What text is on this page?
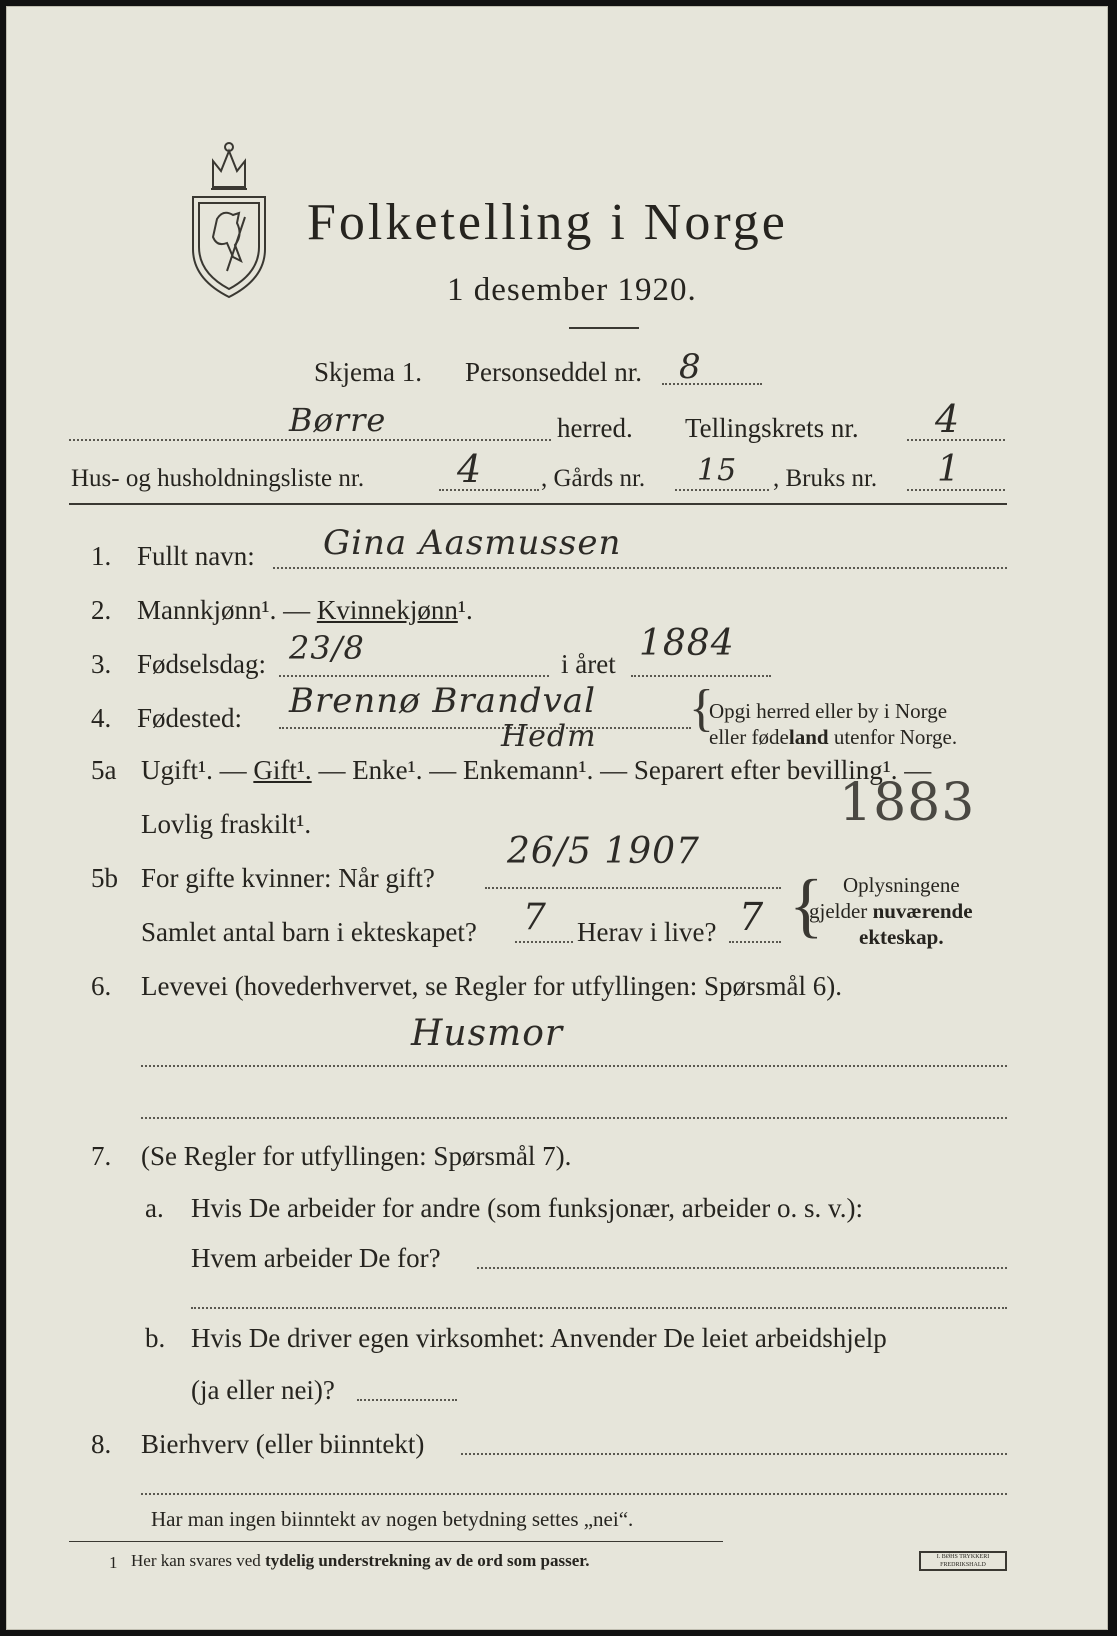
Folketelling i Norge
1 desember 1920.
Skjema 1. Personseddel nr. 8
Børre	herred. Tellingskrets nr. 4
Hus- og husholdningsliste nr. 4 , Gårds nr. 15 , Bruks nr. 1
1. Fullt navn: Gina Aasmussen
2. Mannkjønn¹. — Kvinnekjønn¹.
3. Fødselsdag: 23/8	i året 1884
4. Fødested: Brennø Brandval
Hedm {
Opgi herred eller by i Norge
eller fødeland utenfor Norge.
5a Ugift¹. — Gift¹. — Enke¹. — Enkemann¹. — Separert efter bevilling¹. —
Lovlig fraskilt¹.	1883
5b For gifte kvinner: Når gift?
26/5 1907
Samlet antal barn i ekteskapet? 7 Herav i live? 7 { Oplysningene
gjelder nuværende
ekteskap.
6. Levevei (hovederhvervet, se Regler for utfyllingen: Spørsmål 6).
Husmor
7. (Se Regler for utfyllingen: Spørsmål 7).
a. Hvis De arbeider for andre (som funksjonær, arbeider o. s. v.):
Hvem arbeider De for?
b. Hvis De driver egen virksomhet: Anvender De leiet arbeidshjelp
(ja eller nei)?
8. Bierhverv (eller biinntekt)
Har man ingen biinntekt av nogen betydning settes „nei“.
1 Her kan svares ved tydelig understrekning av de ord som passer.	I. BØHS TRYKKERI FREDRIKSHALD
